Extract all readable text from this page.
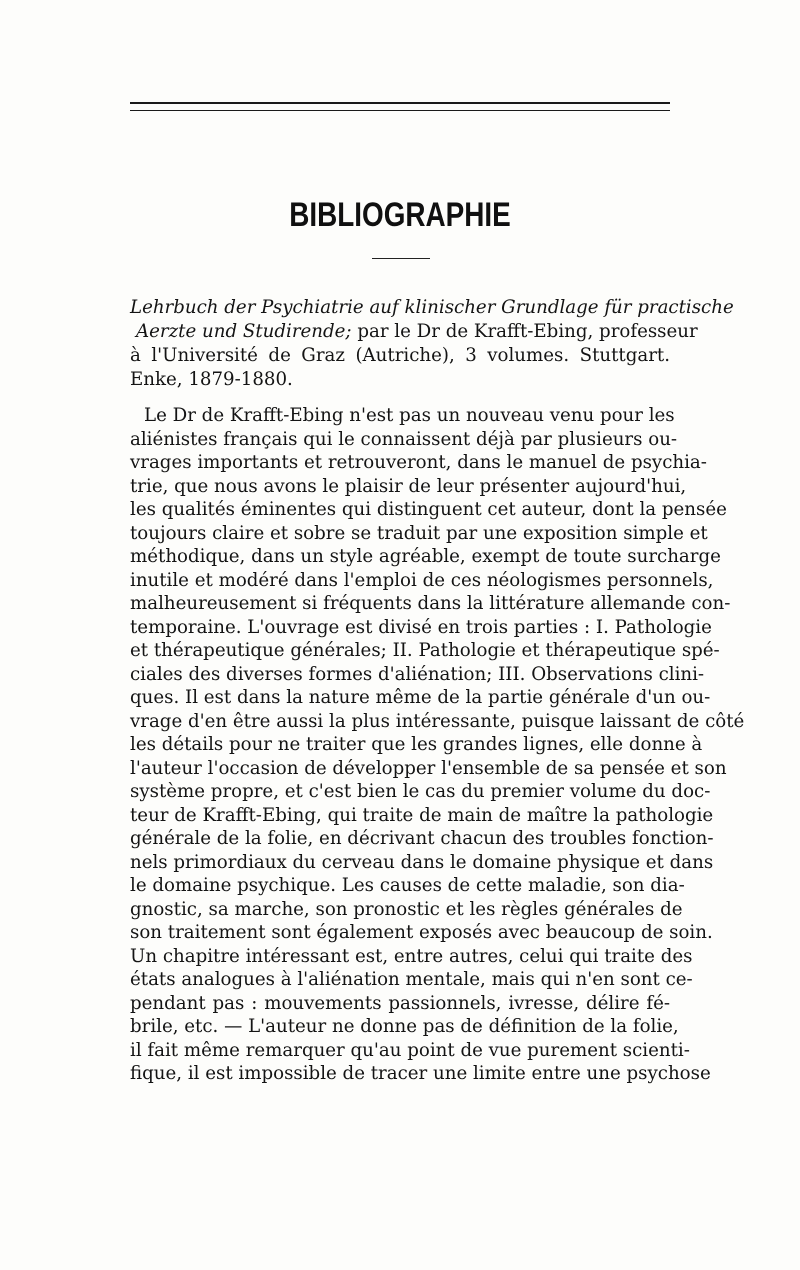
BIBLIOGRAPHIE
Lehrbuch der Psychiatrie auf klinischer Grundlage für practische
Aerzte und Studirende; par le Dr de Krafft-Ebing, professeur
à l'Université de Graz (Autriche), 3 volumes. Stuttgart.
Enke, 1879-1880.
Le Dr de Krafft-Ebing n'est pas un nouveau venu pour les
aliénistes français qui le connaissent déjà par plusieurs ou-
vrages importants et retrouveront, dans le manuel de psychia-
trie, que nous avons le plaisir de leur présenter aujourd'hui,
les qualités éminentes qui distinguent cet auteur, dont la pensée
toujours claire et sobre se traduit par une exposition simple et
méthodique, dans un style agréable, exempt de toute surcharge
inutile et modéré dans l'emploi de ces néologismes personnels,
malheureusement si fréquents dans la littérature allemande con-
temporaine. L'ouvrage est divisé en trois parties : I. Pathologie
et thérapeutique générales; II. Pathologie et thérapeutique spé-
ciales des diverses formes d'aliénation; III. Observations clini-
ques. Il est dans la nature même de la partie générale d'un ou-
vrage d'en être aussi la plus intéressante, puisque laissant de côté
les détails pour ne traiter que les grandes lignes, elle donne à
l'auteur l'occasion de développer l'ensemble de sa pensée et son
système propre, et c'est bien le cas du premier volume du doc-
teur de Krafft-Ebing, qui traite de main de maître la pathologie
générale de la folie, en décrivant chacun des troubles fonction-
nels primordiaux du cerveau dans le domaine physique et dans
le domaine psychique. Les causes de cette maladie, son dia-
gnostic, sa marche, son pronostic et les règles générales de
son traitement sont également exposés avec beaucoup de soin.
Un chapitre intéressant est, entre autres, celui qui traite des
états analogues à l'aliénation mentale, mais qui n'en sont ce-
pendant pas : mouvements passionnels, ivresse, délire fé-
brile, etc. — L'auteur ne donne pas de définition de la folie,
il fait même remarquer qu'au point de vue purement scienti-
fique, il est impossible de tracer une limite entre une psychose
